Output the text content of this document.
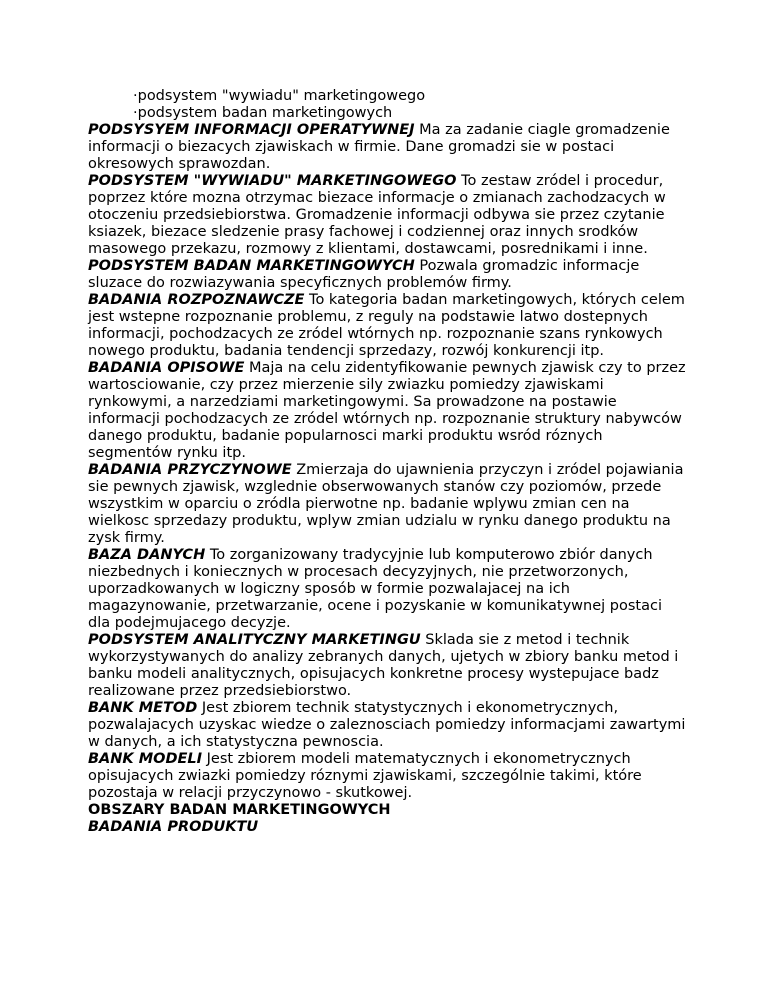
·podsystem "wywiadu" marketingowego
·podsystem badan marketingowych

PODSYSYEM INFORMACJI OPERATYWNEJ Ma za zadanie ciagle gromadzenie informacji o biezacych zjawiskach w firmie. Dane gromadzi sie w postaci okresowych sprawozdan.

PODSYSTEM "WYWIADU" MARKETINGOWEGO To zestaw zródel i procedur, poprzez które mozna otrzymac biezace informacje o zmianach zachodzacych w otoczeniu przedsiebiorstwa. Gromadzenie informacji odbywa sie przez czytanie ksiazek, biezace sledzenie prasy fachowej i codziennej oraz innych srodków masowego przekazu, rozmowy z klientami, dostawcami, posrednikami i inne.

PODSYSTEM BADAN MARKETINGOWYCH Pozwala gromadzic informacje sluzace do rozwiazywania specyficznych problemów firmy.

BADANIA ROZPOZNAWCZE To kategoria badan marketingowych, których celem jest wstepne rozpoznanie problemu, z reguly na podstawie latwo dostepnych informacji, pochodzacych ze zródel wtórnych np. rozpoznanie szans rynkowych nowego produktu, badania tendencji sprzedazy, rozwój konkurencji itp.

BADANIA OPISOWE Maja na celu zidentyfikowanie pewnych zjawisk czy to przez wartosciowanie, czy przez mierzenie sily zwiazku pomiedzy zjawiskami rynkowymi, a narzedziami marketingowymi. Sa prowadzone na postawie informacji pochodzacych ze zródel wtórnych np. rozpoznanie struktury nabywców danego produktu, badanie popularnosci marki produktu wsród róznych segmentów rynku itp.

BADANIA PRZYCZYNOWE Zmierzaja do ujawnienia przyczyn i zródel pojawiania sie pewnych zjawisk, wzglednie obserwowanych stanów czy poziomów, przede wszystkim w oparciu o zródla pierwotne np. badanie wplywu zmian cen na wielkosc sprzedazy produktu, wplyw zmian udzialu w rynku danego produktu na zysk firmy.

BAZA DANYCH To zorganizowany tradycyjnie lub komputerowo zbiór danych niezbednych i koniecznych w procesach decyzyjnych, nie przetworzonych, uporzadkowanych w logiczny sposób w formie pozwalajacej na ich magazynowanie, przetwarzanie, ocene i pozyskanie w komunikatywnej postaci dla podejmujacego decyzje.

PODSYSTEM ANALITYCZNY MARKETINGU Sklada sie z metod i technik wykorzystywanych do analizy zebranych danych, ujetych w zbiory banku metod i banku modeli analitycznych, opisujacych konkretne procesy wystepujace badz realizowane przez przedsiebiorstwo.

BANK METOD Jest zbiorem technik statystycznych i ekonometrycznych, pozwalajacych uzyskac wiedze o zaleznosciach pomiedzy informacjami zawartymi w danych, a ich statystyczna pewnoscia.

BANK MODELI Jest zbiorem modeli matematycznych i ekonometrycznych opisujacych zwiazki pomiedzy róznymi zjawiskami, szczególnie takimi, które pozostaja w relacji przyczynowo - skutkowej.

OBSZARY BADAN MARKETINGOWYCH

BADANIA PRODUKTU
